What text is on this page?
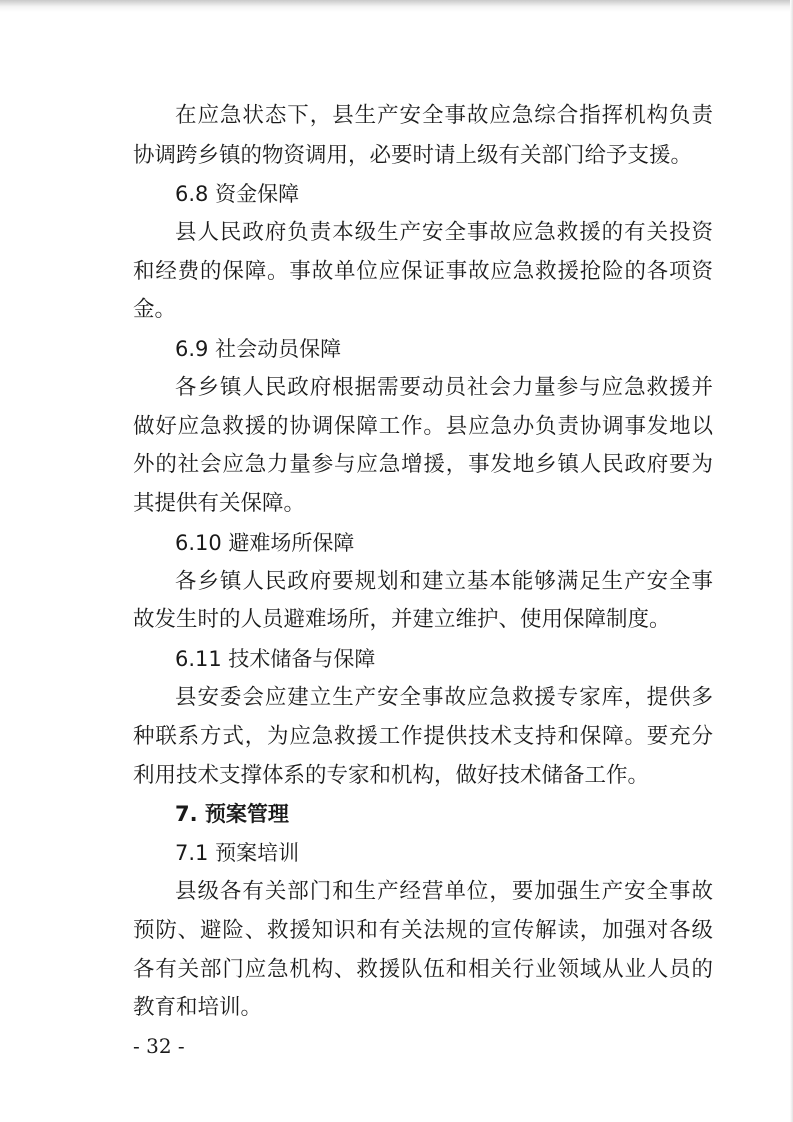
在应急状态下，县生产安全事故应急综合指挥机构负责
协调跨乡镇的物资调用，必要时请上级有关部门给予支援。
6.8 资金保障
县人民政府负责本级生产安全事故应急救援的有关投资
和经费的保障。事故单位应保证事故应急救援抢险的各项资
金。
6.9 社会动员保障
各乡镇人民政府根据需要动员社会力量参与应急救援并
做好应急救援的协调保障工作。县应急办负责协调事发地以
外的社会应急力量参与应急增援，事发地乡镇人民政府要为
其提供有关保障。
6.10 避难场所保障
各乡镇人民政府要规划和建立基本能够满足生产安全事
故发生时的人员避难场所，并建立维护、使用保障制度。
6.11 技术储备与保障
县安委会应建立生产安全事故应急救援专家库，提供多
种联系方式，为应急救援工作提供技术支持和保障。要充分
利用技术支撑体系的专家和机构，做好技术储备工作。
7. 预案管理
7.1 预案培训
县级各有关部门和生产经营单位，要加强生产安全事故
预防、避险、救援知识和有关法规的宣传解读，加强对各级
各有关部门应急机构、救援队伍和相关行业领域从业人员的
教育和培训。
- 32 -
